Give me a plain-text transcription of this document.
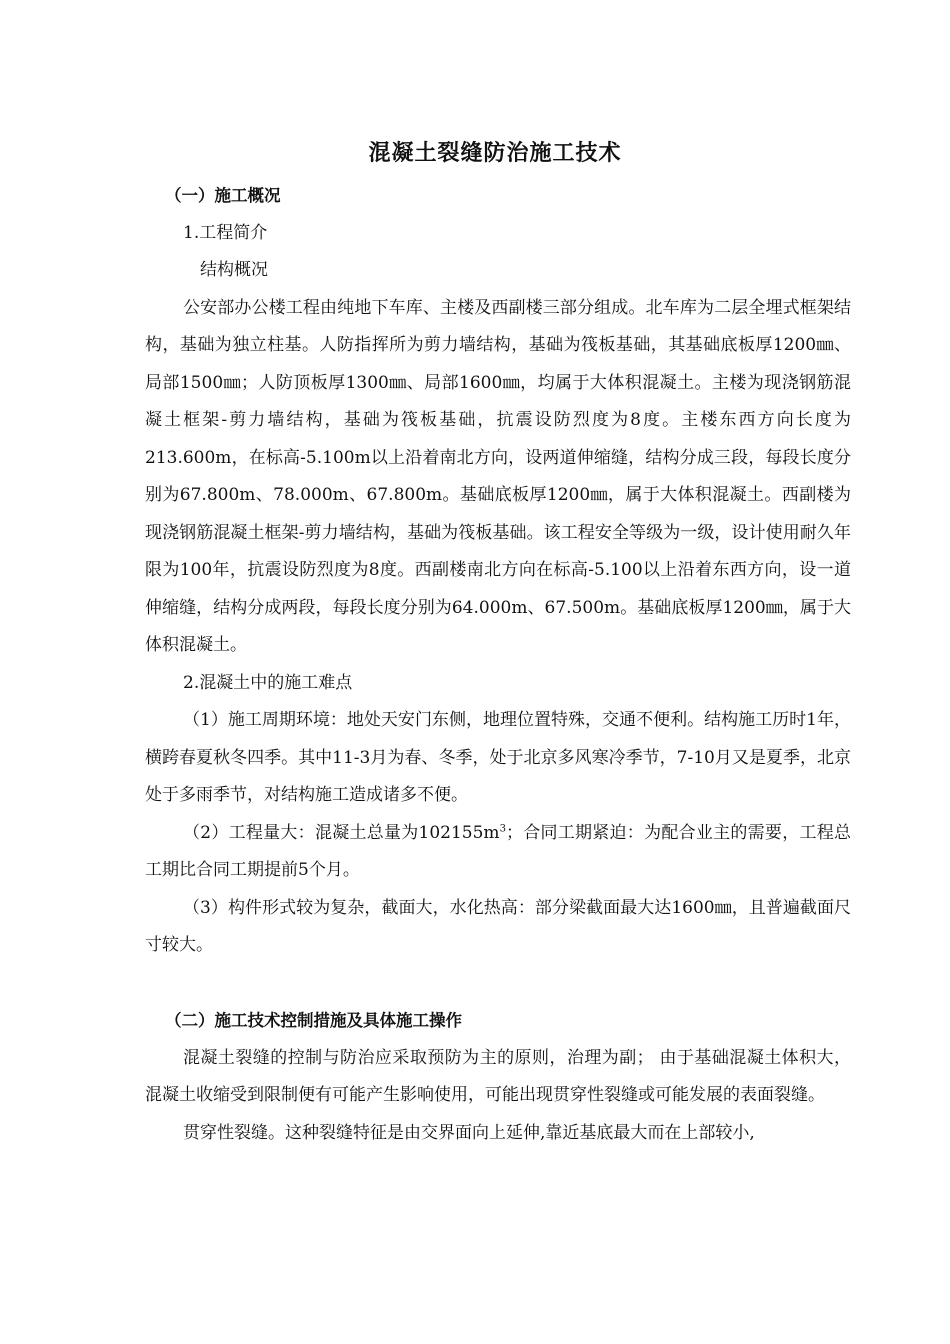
混凝土裂缝防治施工技术

（一）施工概况

1.工程简介

结构概况

公安部办公楼工程由纯地下车库、主楼及西副楼三部分组成。北车库为二层全埋式框架结构，基础为独立柱基。人防指挥所为剪力墙结构，基础为筏板基础，其基础底板厚1200㎜、局部1500㎜；人防顶板厚1300㎜、局部1600㎜，均属于大体积混凝土。主楼为现浇钢筋混凝土框架-剪力墙结构，基础为筏板基础，抗震设防烈度为8度。主楼东西方向长度为213.600m，在标高-5.100m以上沿着南北方向，设两道伸缩缝，结构分成三段，每段长度分别为67.800m、78.000m、67.800m。基础底板厚1200㎜，属于大体积混凝土。西副楼为现浇钢筋混凝土框架-剪力墙结构，基础为筏板基础。该工程安全等级为一级，设计使用耐久年限为100年，抗震设防烈度为8度。西副楼南北方向在标高-5.100以上沿着东西方向，设一道伸缩缝，结构分成两段，每段长度分别为64.000m、67.500m。基础底板厚1200㎜，属于大体积混凝土。

2.混凝土中的施工难点

（1）施工周期环境：地处天安门东侧，地理位置特殊，交通不便利。结构施工历时1年，横跨春夏秋冬四季。其中11-3月为春、冬季，处于北京多风寒冷季节，7-10月又是夏季，北京处于多雨季节，对结构施工造成诸多不便。

（2）工程量大：混凝土总量为$102155m^3$；合同工期紧迫：为配合业主的需要，工程总工期比合同工期提前5个月。

（3）构件形式较为复杂，截面大，水化热高：部分梁截面最大达1600㎜，且普遍截面尺寸较大。

（二）施工技术控制措施及具体施工操作

混凝土裂缝的控制与防治应采取预防为主的原则，治理为副； 由于基础混凝土体积大，混凝土收缩受到限制便有可能产生影响使用，可能出现贯穿性裂缝或可能发展的表面裂缝。

贯穿性裂缝。这种裂缝特征是由交界面向上延伸,靠近基底最大而在上部较小,
